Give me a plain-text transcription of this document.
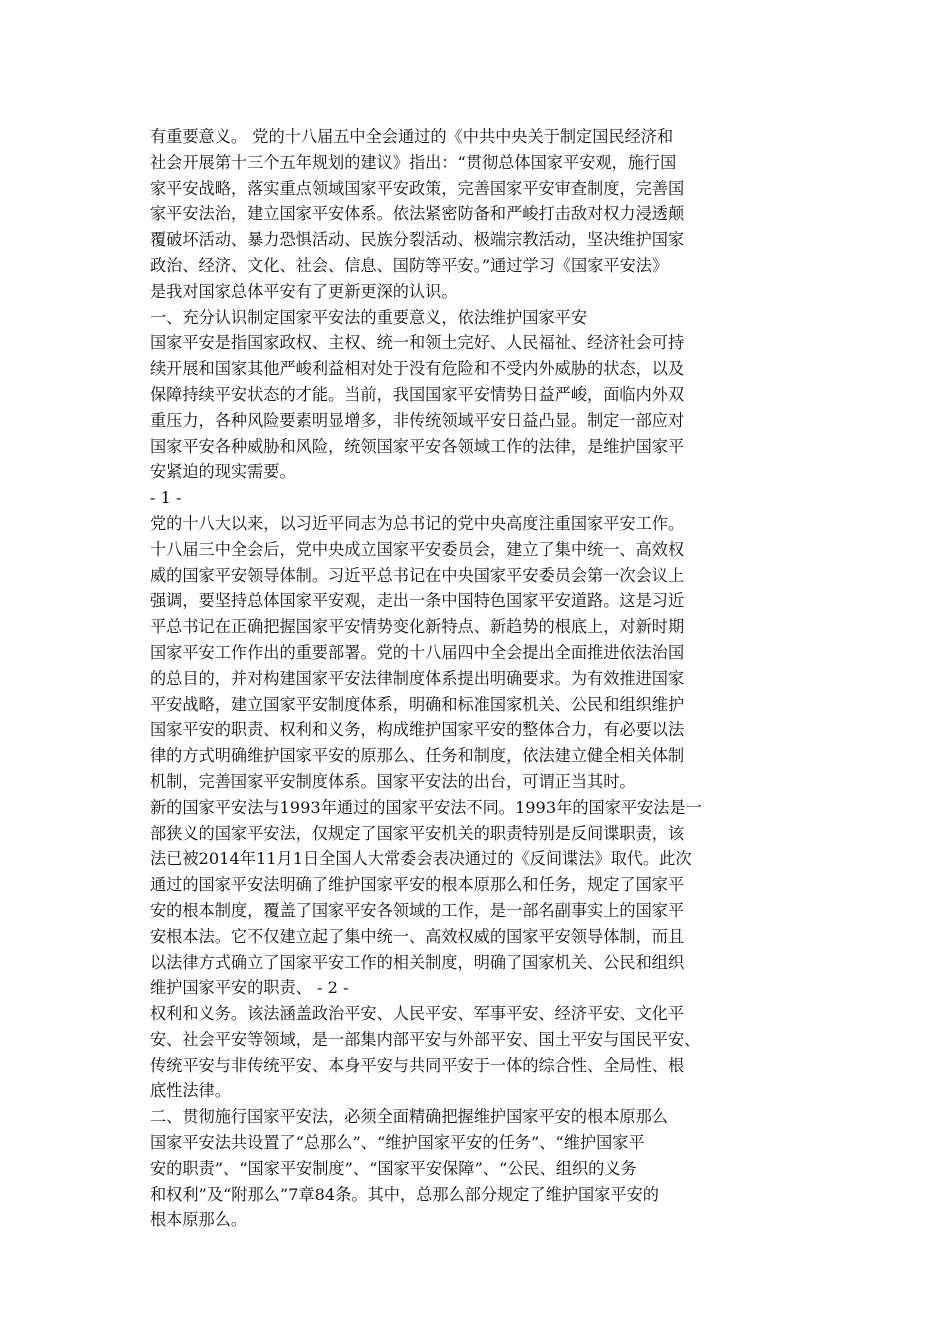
有重要意义。 党的十八届五中全会通过的《中共中央关于制定国民经济和
社会开展第十三个五年规划的建议》指出：“贯彻总体国家平安观，施行国
家平安战略，落实重点领域国家平安政策，完善国家平安审查制度，完善国
家平安法治，建立国家平安体系。依法紧密防备和严峻打击敌对权力浸透颠
覆破坏活动、暴力恐惧活动、民族分裂活动、极端宗教活动，坚决维护国家
政治、经济、文化、社会、信息、国防等平安。”通过学习《国家平安法》
是我对国家总体平安有了更新更深的认识。
一、充分认识制定国家平安法的重要意义，依法维护国家平安
国家平安是指国家政权、主权、统一和领土完好、人民福祉、经济社会可持
续开展和国家其他严峻利益相对处于没有危险和不受内外威胁的状态，以及
保障持续平安状态的才能。当前，我国国家平安情势日益严峻，面临内外双
重压力，各种风险要素明显增多，非传统领域平安日益凸显。制定一部应对
国家平安各种威胁和风险，统领国家平安各领域工作的法律，是维护国家平
安紧迫的现实需要。
- 1 -
党的十八大以来，以习近平同志为总书记的党中央高度注重国家平安工作。
十八届三中全会后，党中央成立国家平安委员会，建立了集中统一、高效权
威的国家平安领导体制。习近平总书记在中央国家平安委员会第一次会议上
强调，要坚持总体国家平安观，走出一条中国特色国家平安道路。这是习近
平总书记在正确把握国家平安情势变化新特点、新趋势的根底上，对新时期
国家平安工作作出的重要部署。党的十八届四中全会提出全面推进依法治国
的总目的，并对构建国家平安法律制度体系提出明确要求。为有效推进国家
平安战略，建立国家平安制度体系，明确和标准国家机关、公民和组织维护
国家平安的职责、权利和义务，构成维护国家平安的整体合力，有必要以法
律的方式明确维护国家平安的原那么、任务和制度，依法建立健全相关体制
机制，完善国家平安制度体系。国家平安法的出台，可谓正当其时。
新的国家平安法与1993年通过的国家平安法不同。1993年的国家平安法是一
部狭义的国家平安法，仅规定了国家平安机关的职责特别是反间谍职责，该
法已被2014年11月1日全国人大常委会表决通过的《反间谍法》取代。此次
通过的国家平安法明确了维护国家平安的根本原那么和任务，规定了国家平
安的根本制度，覆盖了国家平安各领域的工作，是一部名副事实上的国家平
安根本法。它不仅建立起了集中统一、高效权威的国家平安领导体制，而且
以法律方式确立了国家平安工作的相关制度，明确了国家机关、公民和组织
维护国家平安的职责、 - 2 -
权利和义务。该法涵盖政治平安、人民平安、军事平安、经济平安、文化平
安、社会平安等领域，是一部集内部平安与外部平安、国土平安与国民平安、
传统平安与非传统平安、本身平安与共同平安于一体的综合性、全局性、根
底性法律。
二、贯彻施行国家平安法，必须全面精确把握维护国家平安的根本原那么
国家平安法共设置了“总那么”、“维护国家平安的任务”、“维护国家平
安的职责”、“国家平安制度”、“国家平安保障”、“公民、组织的义务
和权利”及“附那么”7章84条。其中，总那么部分规定了维护国家平安的
根本原那么。
